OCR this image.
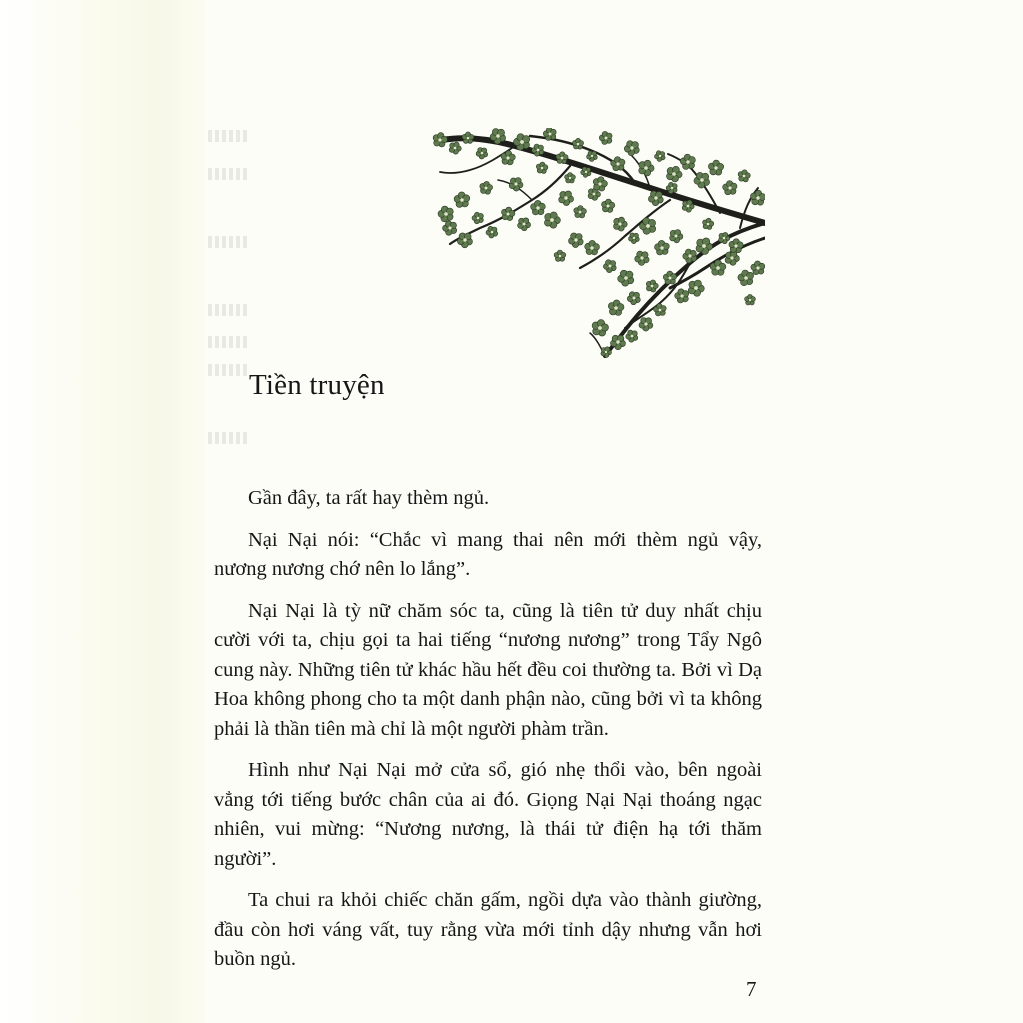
Tiền truyện

Gần đây, ta rất hay thèm ngủ.

Nại Nại nói: “Chắc vì mang thai nên mới thèm ngủ vậy, nương nương chớ nên lo lắng”.

Nại Nại là tỳ nữ chăm sóc ta, cũng là tiên tử duy nhất chịu cười với ta, chịu gọi ta hai tiếng “nương nương” trong Tẩy Ngô cung này. Những tiên tử khác hầu hết đều coi thường ta. Bởi vì Dạ Hoa không phong cho ta một danh phận nào, cũng bởi vì ta không phải là thần tiên mà chỉ là một người phàm trần.

Hình như Nại Nại mở cửa sổ, gió nhẹ thổi vào, bên ngoài vẳng tới tiếng bước chân của ai đó. Giọng Nại Nại thoáng ngạc nhiên, vui mừng: “Nương nương, là thái tử điện hạ tới thăm người”.

Ta chui ra khỏi chiếc chăn gấm, ngồi dựa vào thành giường, đầu còn hơi váng vất, tuy rằng vừa mới tỉnh dậy nhưng vẫn hơi buồn ngủ.

7
